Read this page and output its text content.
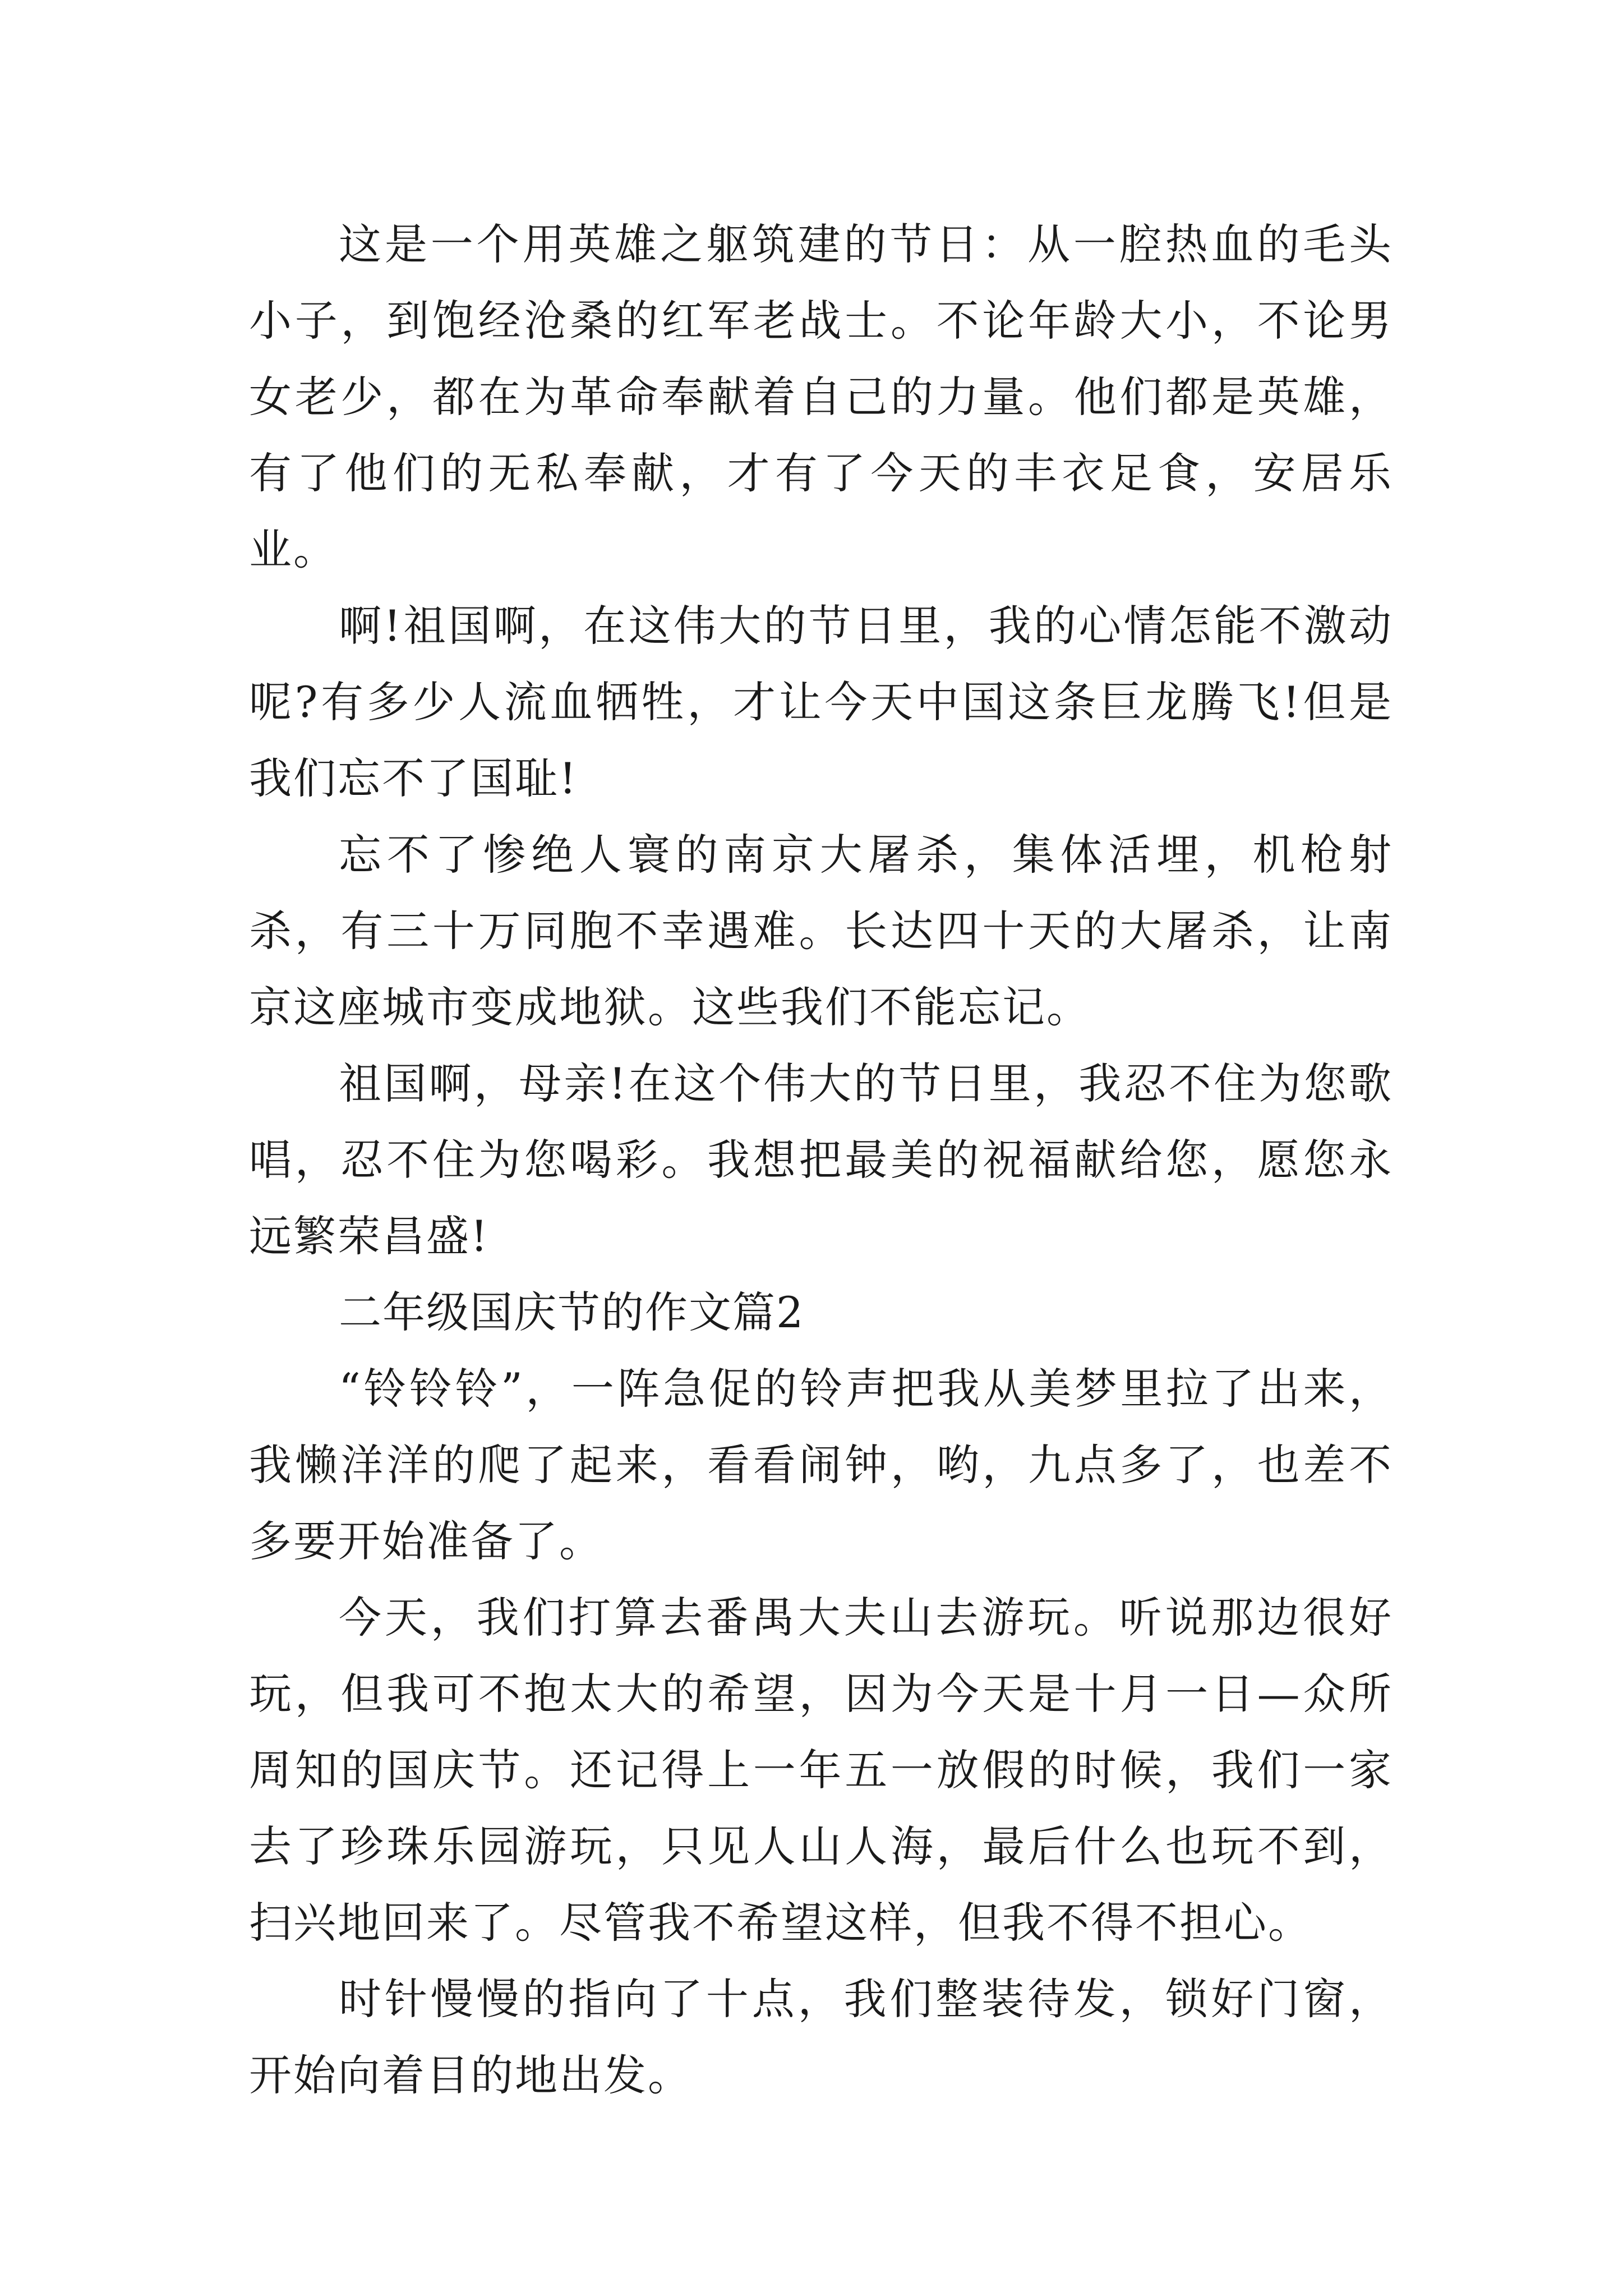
这是一个用英雄之躯筑建的节日：从一腔热血的毛头小子，到饱经沧桑的红军老战士。不论年龄大小，不论男女老少，都在为革命奉献着自己的力量。他们都是英雄，有了他们的无私奉献，才有了今天的丰衣足食，安居乐业。

啊!祖国啊，在这伟大的节日里，我的心情怎能不激动呢?有多少人流血牺牲，才让今天中国这条巨龙腾飞!但是我们忘不了国耻!

忘不了惨绝人寰的南京大屠杀，集体活埋，机枪射杀，有三十万同胞不幸遇难。长达四十天的大屠杀，让南京这座城市变成地狱。这些我们不能忘记。

祖国啊，母亲!在这个伟大的节日里，我忍不住为您歌唱，忍不住为您喝彩。我想把最美的祝福献给您，愿您永远繁荣昌盛!

二年级国庆节的作文篇2

“铃铃铃”，一阵急促的铃声把我从美梦里拉了出来，我懒洋洋的爬了起来，看看闹钟，哟，九点多了，也差不多要开始准备了。

今天，我们打算去番禺大夫山去游玩。听说那边很好玩，但我可不抱太大的希望，因为今天是十月一日—众所周知的国庆节。还记得上一年五一放假的时候，我们一家去了珍珠乐园游玩，只见人山人海，最后什么也玩不到，扫兴地回来了。尽管我不希望这样，但我不得不担心。

时针慢慢的指向了十点，我们整装待发，锁好门窗，开始向着目的地出发。
